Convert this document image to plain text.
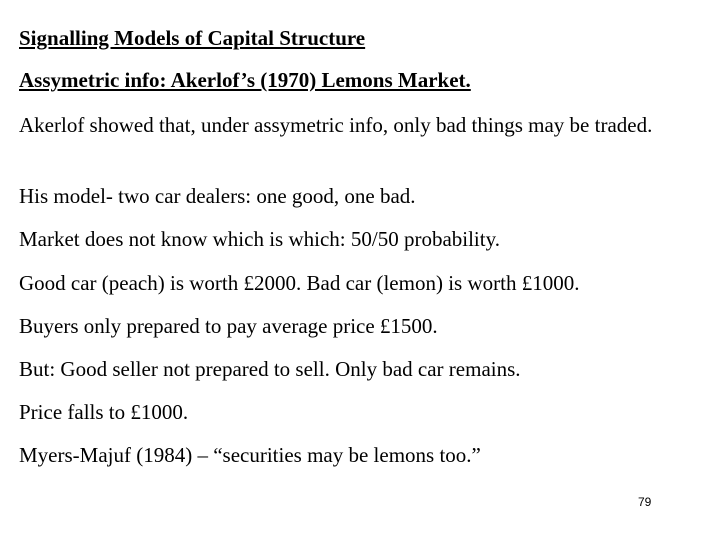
Signalling Models of Capital Structure

Assymetric info: Akerlof’s (1970) Lemons Market.

Akerlof showed that, under assymetric info, only bad things may be traded.

His model- two car dealers: one good, one bad.

Market does not know which is which: 50/50 probability.

Good car (peach) is worth £2000. Bad car (lemon) is worth £1000.

Buyers only prepared to pay average price £1500.

But: Good seller not prepared to sell. Only bad car remains.

Price falls to £1000.

Myers-Majuf (1984) – “securities may be lemons too.”

79
